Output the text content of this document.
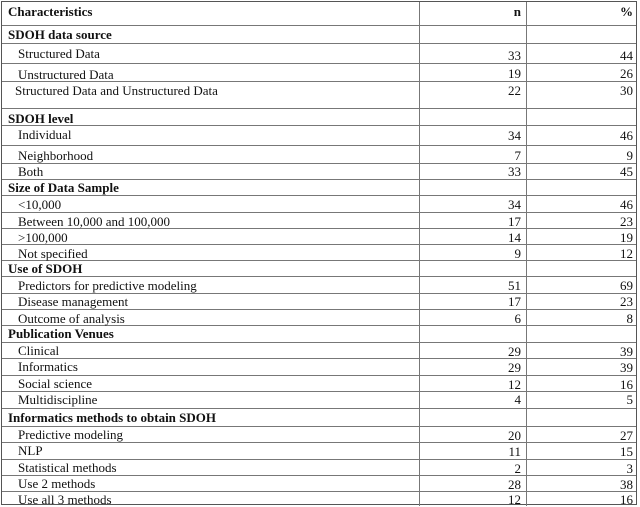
Characteristics	n	%
SDOH data source
Structured Data	33	44
Unstructured Data	19	26
Structured Data and Unstructured Data	22	30
SDOH level
Individual	34	46
Neighborhood	7	9
Both	33	45
Size of Data Sample
<10,000	34	46
Between 10,000 and 100,000	17	23
>100,000	14	19
Not specified	9	12
Use of SDOH
Predictors for predictive modeling	51	69
Disease management	17	23
Outcome of analysis	6	8
Publication Venues
Clinical	29	39
Informatics	29	39
Social science	12	16
Multidiscipline	4	5
Informatics methods to obtain SDOH
Predictive modeling	20	27
NLP	11	15
Statistical methods	2	3
Use 2 methods	28	38
Use all 3 methods	12	16
